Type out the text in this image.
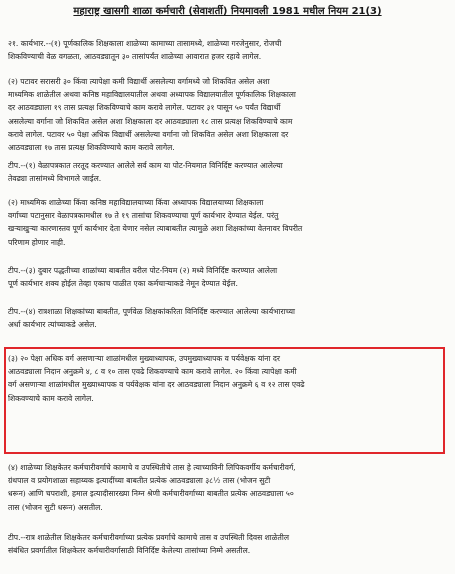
महाराष्ट्र खासगी शाळा कर्मचारी (सेवाशर्ती) नियमावली 1981 मधील नियम 21(3)
२१. कार्यभार.--(१) पूर्णकालिक शिक्षकाला शाळेच्या कामाच्या तासामध्ये, शाळेच्या गरजेनुसार, रोजची
शिकविण्याची वेळ वगळता, आठवड्यातून ३० तासांपर्यंत शाळेच्या आवारात हजर रहावे लागेल.
(२) पटावर सरासरी ३० किंवा त्यापेक्षा कमी विद्यार्थी असलेल्या वर्गामध्ये जो शिकवित असेल अशा
माध्यमिक शाळेतील अथवा कनिष्ठ महाविद्यालयातील अथवा अध्यापक विद्यालयातील पूर्णकालिक शिक्षकाला
दर आठवड्याला १९ तास प्रत्यक्ष शिकविण्याचे काम करावे लागेल. पटावर ३१ पासून ५० पर्यंत विद्यार्थी
असलेल्या वर्गाना जो शिकवित असेल अशा शिक्षकाला दर आठवड्याला १८ तास प्रत्यक्ष शिकविण्याचे काम
करावे लागेल. पटावर ५० पेक्षा अधिक विद्यार्थी असलेल्या वर्गाना जो शिकवित असेल अशा शिक्षकाला दर
आठवड्याला १७ तास प्रत्यक्ष शिकविण्याचे काम करावे लागेल.
टीप.--(१) वेळापत्रकात तरतूद करण्यात आलेले सर्व काम या पोट-नियमात विनिर्दिष्ट करण्यात आलेल्या
तेवढ्या तासांमध्ये विभागले जाईल.
(२) माध्यमिक शाळेच्या किंवा कनिष्ठ महाविद्यालयाच्या किंवा अध्यापक विद्यालयाच्या शिक्षकाला
वर्गाच्या पटानुसार वेळापत्रकामधील १७ ते १९ तासांचा शिकवण्याचा पूर्ण कार्यभार देण्यात येईल. परंतु
खऱ्याखुऱ्या कारणास्तव पूर्ण कार्यभार देता येणार नसेल त्याबाबतीत त्यामुळे अशा शिक्षकांच्या वेतनावर विपरीत
परिणाम होणार नाही.
टीप.--(३) दुबार पद्धतीच्या शाळांच्या बाबतीत वरील पोट-नियम (२) मध्ये विनिर्दिष्ट करण्यात आलेला
पूर्ण कार्यभार शक्य होईल तेव्हा एकाच पाळीत एका कर्मचाऱ्याकडे नेमून देण्यात येईल.
टीप.--(४) रात्रशाळा शिक्षकांच्या बाबतीत, पूर्णवेळ शिक्षकांकरिता विनिर्दिष्ट करण्यात आलेल्या कार्यभाराच्या
अर्धा कार्यभार त्यांच्याकडे असेल.
(३) २० पेक्षा अधिक वर्ग असणाऱ्या शाळांमधील मुख्याध्यापक, उपमुख्याध्यापक व पर्यवेक्षक यांना दर
आठवड्याला निदान अनुक्रमे ४, ८ व १० तास एवढे शिकवण्याचे काम करावे लागेल. २० किंवा त्यापेक्षा कमी
वर्ग असणाऱ्या शाळांमधील मुख्याध्यापक व पर्यवेक्षक यांना दर आठवड्याला निदान अनुक्रमे ६ व १२ तास एवढे
शिकवण्याचे काम करावे लागेल.
(४) शाळेच्या शिक्षकेतर कर्मचारीवर्गाचे कामाचे व उपस्थितीचे तास हे त्याच्याविनी लिपिकवर्गीय कर्मचारीवर्ग,
ग्रंथपाल व प्रयोगशाळा सहाय्यक इत्यादींच्या बाबतीत प्रत्येक आठवड्याला ३८½ तास (भोजन सुटी
धरून) आणि चपराशी, हमाल इत्यादीसारख्या निम्न श्रेणी कर्मचारीवर्गाच्या बाबतीत प्रत्येक आठवड्याला ५०
तास (भोजन सुटी धरून) असतील.
टीप.--रात्र शाळेतील शिक्षकेतर कर्मचारीवर्गाच्या प्रत्येक प्रवर्गाचे कामाचे तास व उपस्थिती दिवस शाळेतील
संबंधित प्रवर्गातील शिक्षकेतर कर्मचारीवर्गासाठी विनिर्दिष्ट केलेल्या तासांच्या निम्मे असतील.
